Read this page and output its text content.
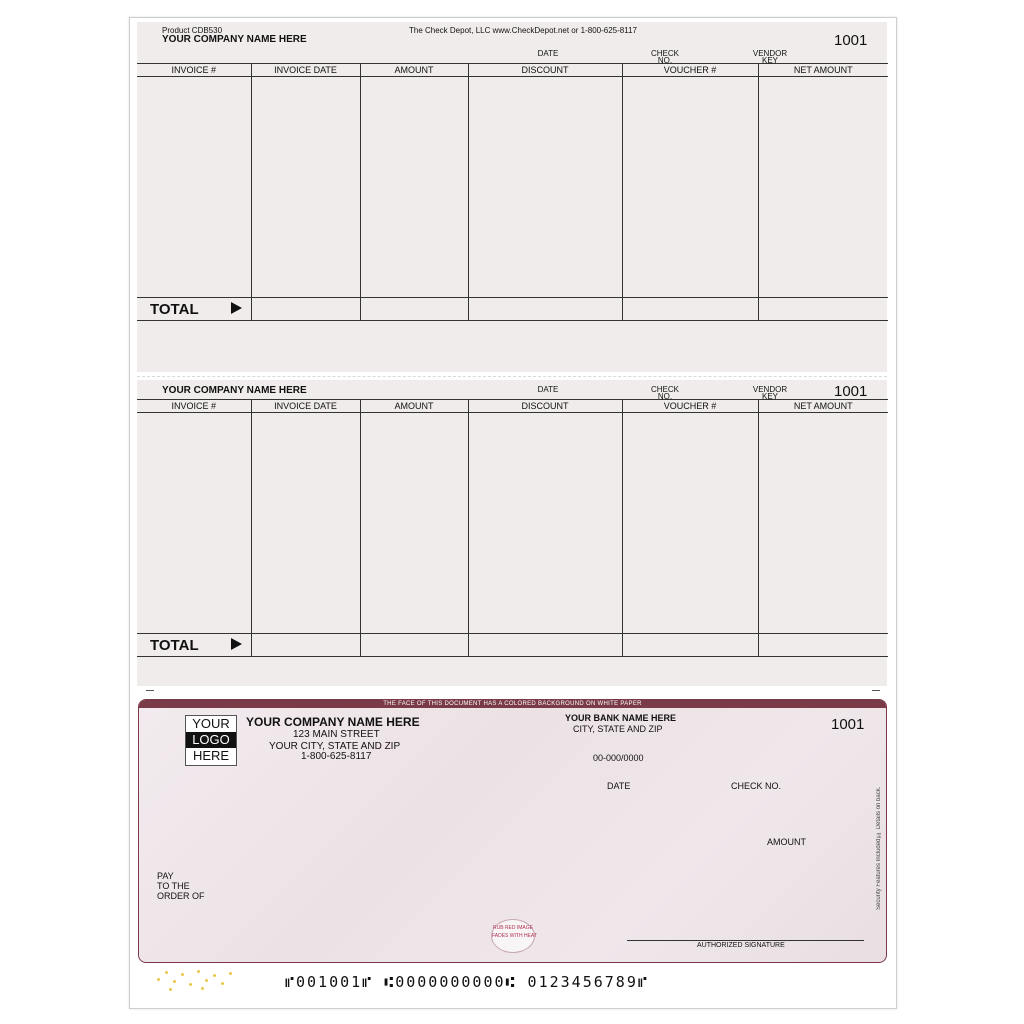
Product CDB530	The Check Depot, LLC www.CheckDepot.net or 1-800-625-8117
YOUR COMPANY NAME HERE	1001
DATE	CHECK
NO.
VENDOR
KEY
INVOICE #	INVOICE DATE	AMOUNT	DISCOUNT	VOUCHER #	NET AMOUNT

TOTAL

YOUR COMPANY NAME HERE	1001
DATE	CHECK
NO.
VENDOR
KEY
INVOICE #	INVOICE DATE	AMOUNT	DISCOUNT	VOUCHER #	NET AMOUNT

TOTAL

THE FACE OF THIS DOCUMENT HAS A COLORED BACKGROUND ON WHITE PAPER
YOUR
LOGO
HERE
YOUR COMPANY NAME HERE
123 MAIN STREET
YOUR CITY, STATE AND ZIP
1-800-625-8117
YOUR BANK NAME HERE
CITY, STATE AND ZIP
00-000/0000
1001
DATE	CHECK NO.
AMOUNT
PAY
TO THE
ORDER OF
RUB RED IMAGE
FADES WITH HEAT
AUTHORIZED SIGNATURE
Security Features Included ⚿ Details on back.
⑈001001⑈ ⑆0000000000⑆ 0123456789⑈
